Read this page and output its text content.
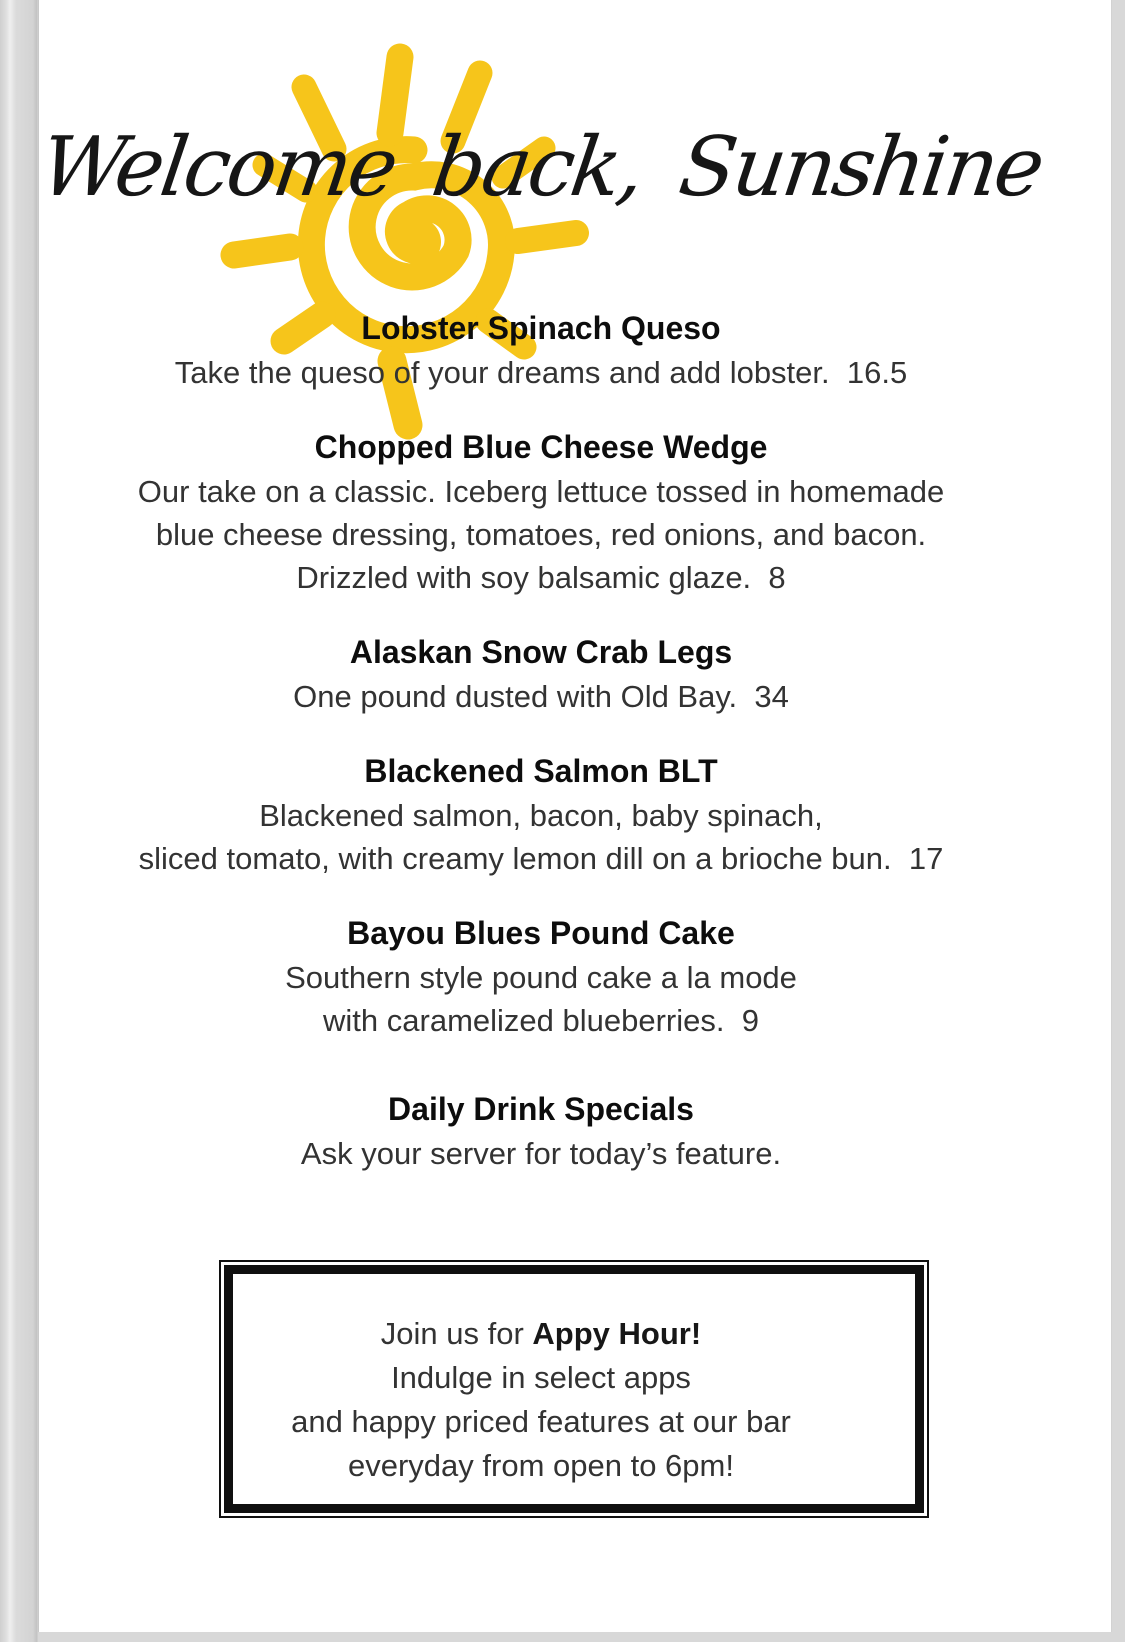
Welcome back, Sunshine
Lobster Spinach Queso
Take the queso of your dreams and add lobster.  16.5
Chopped Blue Cheese Wedge
Our take on a classic. Iceberg lettuce tossed in homemade
blue cheese dressing, tomatoes, red onions, and bacon.
Drizzled with soy balsamic glaze.  8
Alaskan Snow Crab Legs
One pound dusted with Old Bay.  34
Blackened Salmon BLT
Blackened salmon, bacon, baby spinach,
sliced tomato, with creamy lemon dill on a brioche bun.  17
Bayou Blues Pound Cake
Southern style pound cake a la mode
with caramelized blueberries.  9
Daily Drink Specials
Ask your server for today’s feature.
Join us for Appy Hour!
Indulge in select apps
and happy priced features at our bar
everyday from open to 6pm!
